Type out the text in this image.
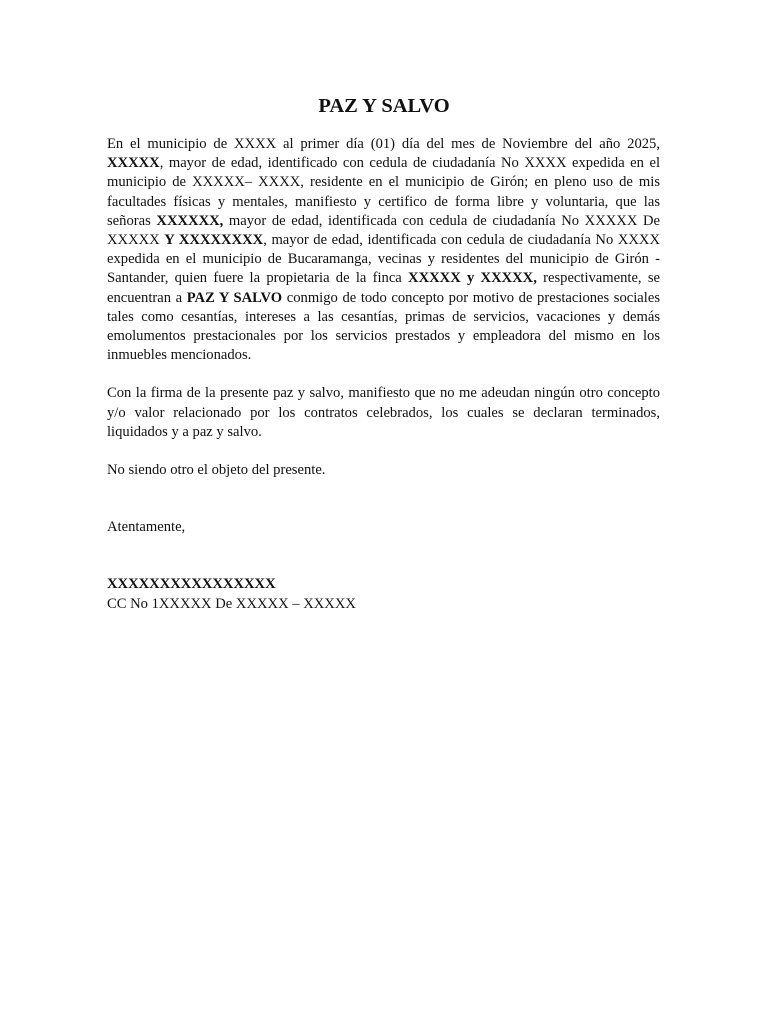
PAZ Y SALVO

En el municipio de XXXX al primer día (01) día del mes de Noviembre del año 2025, XXXXX, mayor de edad, identificado con cedula de ciudadanía No XXXX expedida en el municipio de XXXXX– XXXX, residente en el municipio de Girón; en pleno uso de mis facultades físicas y mentales, manifiesto y certifico de forma libre y voluntaria, que las señoras XXXXXX, mayor de edad, identificada con cedula de ciudadanía No XXXXX De XXXXX Y XXXXXXXX, mayor de edad, identificada con cedula de ciudadanía No XXXX expedida en el municipio de Bucaramanga, vecinas y residentes del municipio de Girón - Santander, quien fuere la propietaria de la finca XXXXX y XXXXX, respectivamente, se encuentran a PAZ Y SALVO conmigo de todo concepto por motivo de prestaciones sociales tales como cesantías, intereses a las cesantías, primas de servicios, vacaciones y demás emolumentos prestacionales por los servicios prestados y empleadora del mismo en los inmuebles mencionados.

Con la firma de la presente paz y salvo, manifiesto que no me adeudan ningún otro concepto y/o valor relacionado por los contratos celebrados, los cuales se declaran terminados, liquidados y a paz y salvo.

No siendo otro el objeto del presente.

Atentamente,

XXXXXXXXXXXXXXXX

CC No 1XXXXX De XXXXX – XXXXX
